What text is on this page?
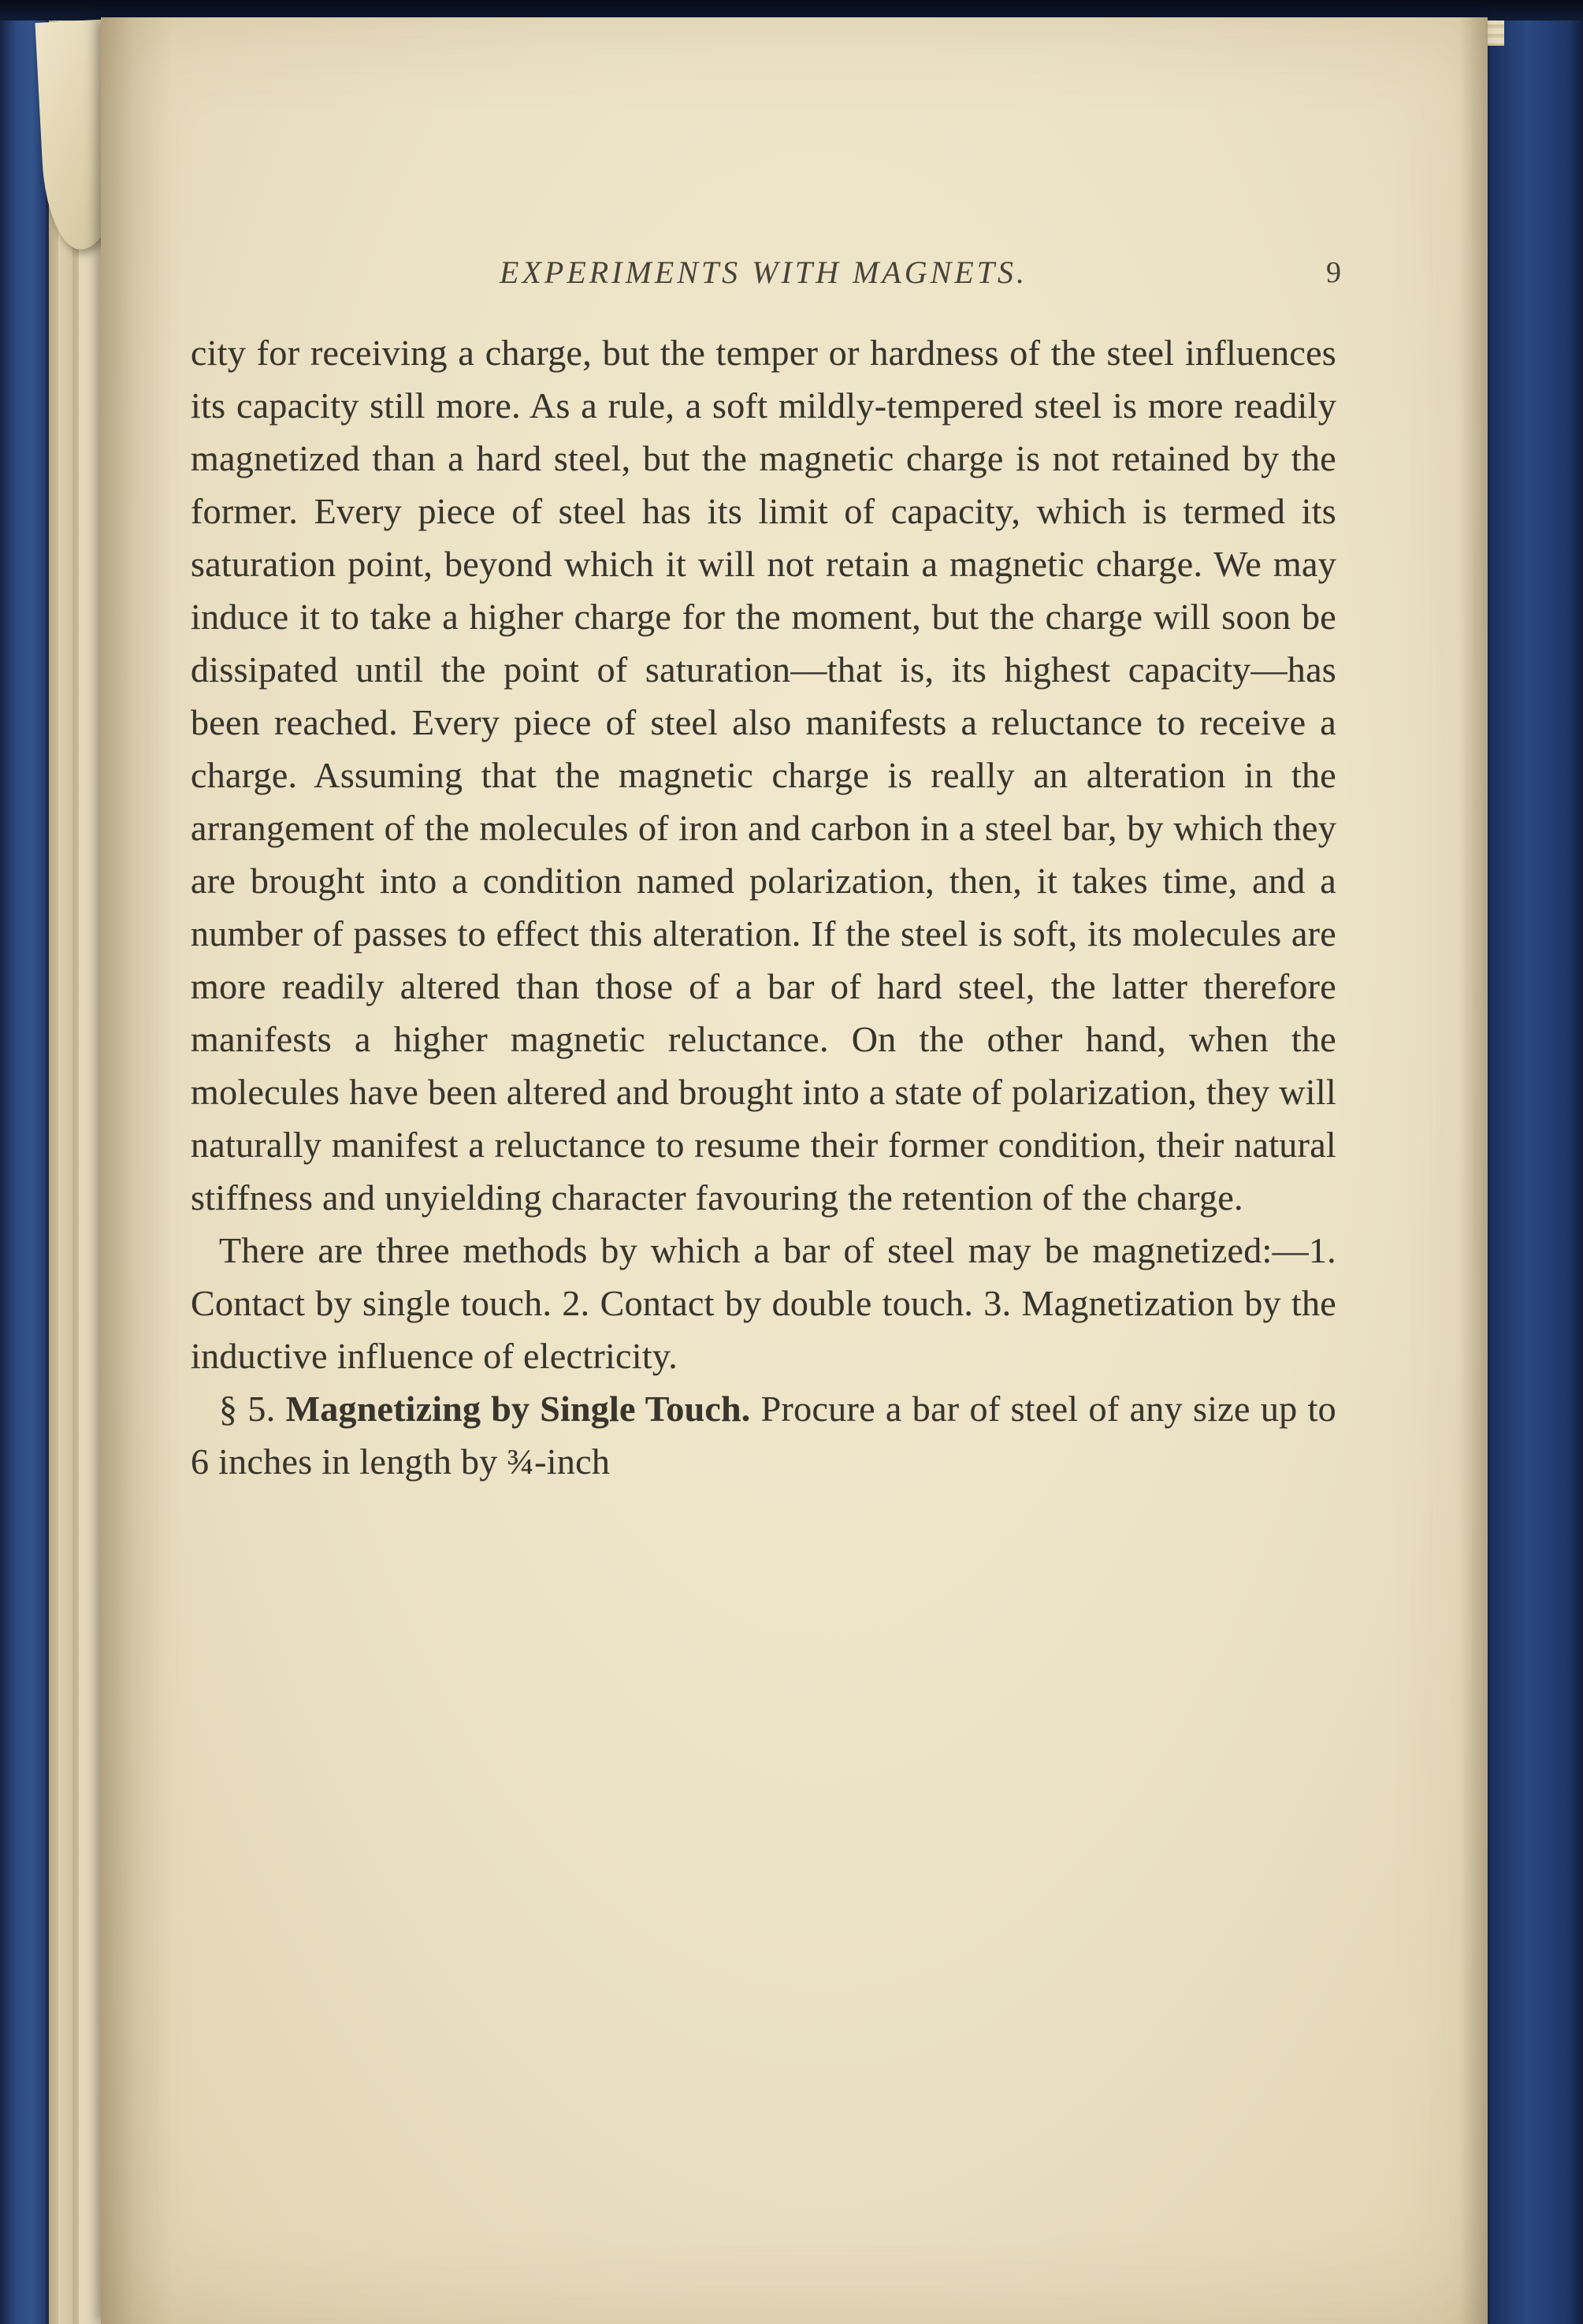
EXPERIMENTS WITH MAGNETS.	9

city for receiving a charge, but the temper or hardness of the steel influences its capacity still more. As a rule, a soft mildly-tempered steel is more readily magnetized than a hard steel, but the magnetic charge is not retained by the former. Every piece of steel has its limit of capacity, which is termed its saturation point, beyond which it will not retain a magnetic charge. We may induce it to take a higher charge for the moment, but the charge will soon be dissipated until the point of saturation—that is, its highest capacity—has been reached. Every piece of steel also manifests a reluctance to receive a charge. Assuming that the magnetic charge is really an alteration in the arrangement of the molecules of iron and carbon in a steel bar, by which they are brought into a condition named polarization, then, it takes time, and a number of passes to effect this alteration. If the steel is soft, its molecules are more readily altered than those of a bar of hard steel, the latter therefore manifests a higher magnetic reluctance. On the other hand, when the molecules have been altered and brought into a state of polarization, they will naturally manifest a reluctance to resume their former condition, their natural stiffness and unyielding character favouring the retention of the charge.

There are three methods by which a bar of steel may be magnetized:—1. Contact by single touch. 2. Contact by double touch. 3. Magnetization by the inductive influence of electricity.

§ 5. Magnetizing by Single Touch. Procure a bar of steel of any size up to 6 inches in length by ¾-inch
